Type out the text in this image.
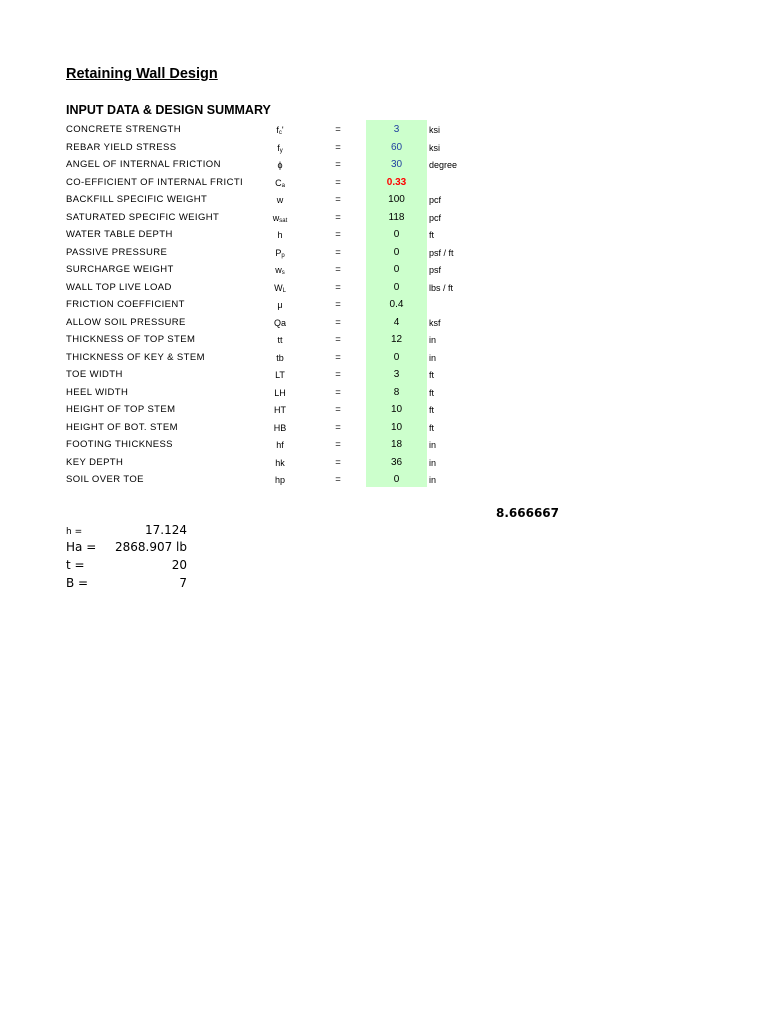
Retaining Wall Design
INPUT DATA & DESIGN SUMMARY
CONCRETE STRENGTH	$f_c'$	=	3	ksi
REBAR YIELD STRESS	$f_y$	=	60	ksi
ANGEL OF INTERNAL FRICTION	ϕ	=	30	degree
CO-EFFICIENT OF INTERNAL FRICTI	$C_a$	=	0.33
BACKFILL SPECIFIC WEIGHT	w	=	100	pcf
SATURATED SPECIFIC WEIGHT	$w_{sat}$	=	118	pcf
WATER TABLE DEPTH	h	=	0	ft
PASSIVE PRESSURE	$P_p$	=	0	psf / ft
SURCHARGE WEIGHT	$w_s$	=	0	psf
WALL TOP LIVE LOAD	$W_L$	=	0	lbs / ft
FRICTION COEFFICIENT	μ	=	0.4
ALLOW SOIL PRESSURE	Qa	=	4	ksf
THICKNESS OF TOP STEM	tt	=	12	in
THICKNESS OF KEY & STEM	tb	=	0	in
TOE WIDTH	LT	=	3	ft
HEEL WIDTH	LH	=	8	ft
HEIGHT OF TOP STEM	HT	=	10	ft
HEIGHT OF BOT. STEM	HB	=	10	ft
FOOTING THICKNESS	hf	=	18	in
KEY DEPTH	hk	=	36	in
SOIL OVER TOE	hp	=	0	in
8.666667
h =	17.124
Ha =	2868.907 lb
t =	20
B =	7
